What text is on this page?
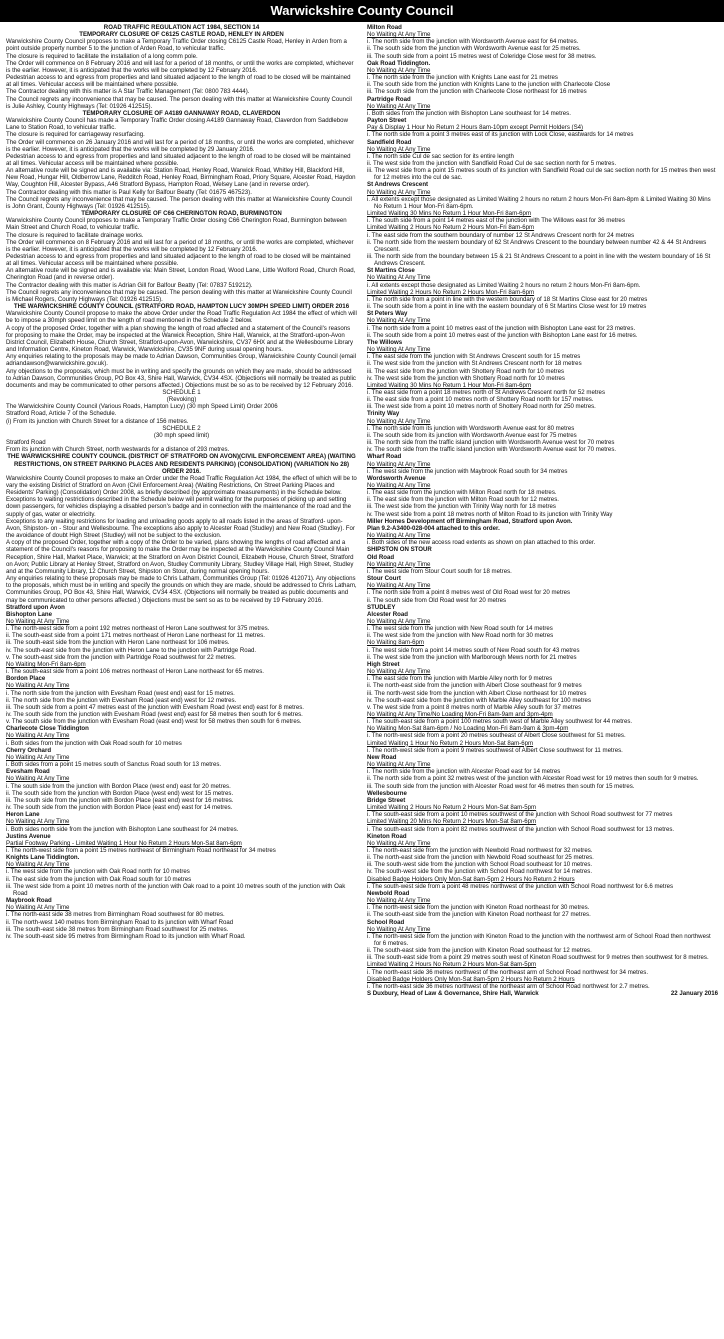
Warwickshire County Council

ROAD TRAFFIC REGULATION ACT 1984, SECTION 14

TEMPORARY CLOSURE OF C6125 CASTLE ROAD, HENLEY IN ARDEN

Warwickshire County Council proposes to make a Temporary Traffic Order closing C6125 Castle Road, Henley in Arden from a point outside property number 5 to the junction of Arden Road, to vehicular traffic.

The closure is required to facilitate the installation of a long comm pole.

The Order will commence on 8 February 2016 and will last for a period of 18 months, or until the works are completed, whichever is the earlier. However, it is anticipated that the works will be completed by 12 February 2016.

Pedestrian access to and egress from properties and land situated adjacent to the length of road to be closed will be maintained at all times. Vehicular access will be maintained where possible.

The Contractor dealing with this matter is A Star Traffic Management (Tel: 0800 783 4444).

The Council regrets any inconvenience that may be caused. The person dealing with this matter at Warwickshire County Council is Julie Ashley, County Highways (Tel: 01926 412515).

TEMPORARY CLOSURE OF A4189 GANNAWAY ROAD, CLAVERDON

Warwickshire County Council has made a Temporary Traffic Order closing A4189 Gannaway Road, Claverdon from Saddlebow Lane to Station Road, to vehicular traffic.

The closure is required for carriageway resurfacing.

The Order will commence on 26 January 2016 and will last for a period of 18 months, or until the works are completed, whichever is the earlier. However, it is anticipated that the works will be completed by 29 January 2016.

Pedestrian access to and egress from properties and land situated adjacent to the length of road to be closed will be maintained at all times. Vehicular access will be maintained where possible.

An alternative route will be signed and is available via: Station Road, Henley Road, Warwick Road, Whitley Hill, Blackford Hill, New Road, Hungar Hill, Oldberrow Lane, Redditch Road, Henley Road, Birmingham Road, Priory Square, Alcester Road, Haydon Way, Coughton Hill, Alcester Bypass, A46 Stratford Bypass, Hampton Road, Welsey Lane (and in reverse order).

The Contractor dealing with this matter is Paul Kelly for Balfour Beatty (Tel: 01675 467523).

The Council regrets any inconvenience that may be caused. The person dealing with this matter at Warwickshire County Council is John Grant, County Highways (Tel: 01926 412515).

TEMPORARY CLOSURE OF C66 CHERINGTON ROAD, BURMINGTON

Warwickshire County Council proposes to make a Temporary Traffic Order closing C66 Cherington Road, Burmington between Main Street and Church Road, to vehicular traffic.

The closure is required to facilitate drainage works.

The Order will commence on 8 February 2016 and will last for a period of 18 months, or until the works are completed, whichever is the earlier. However, it is anticipated that the works will be completed by 12 February 2016.

Pedestrian access to and egress from properties and land situated adjacent to the length of road to be closed will be maintained at all times. Vehicular access will be maintained where possible.

An alternative route will be signed and is available via: Main Street, London Road, Wood Lane, Little Wolford Road, Church Road, Cherington Road (and in reverse order).

The Contractor dealing with this matter is Adrian Gill for Balfour Beatty (Tel: 07837 519212).

The Council regrets any inconvenience that may be caused. The person dealing with this matter at Warwickshire County Council is Michael Rogers, County Highways (Tel: 01926 412515).

THE WARWICKSHIRE COUNTY COUNCIL (STRATFORD ROAD, HAMPTON LUCY 30MPH SPEED LIMIT) ORDER 2016

Warwickshire County Council propose to make the above Order under the Road Traffic Regulation Act 1984 the effect of which will be to impose a 30mph speed limit on the length of road mentioned in the Schedule 2 below.

A copy of the proposed Order, together with a plan showing the length of road affected and a statement of the Council's reasons for proposing to make the Order, may be inspected at the Warwick Reception, Shire Hall, Warwick, at the Stratford-upon-Avon District Council, Elizabeth House, Church Street, Stratford-upon-Avon, Warwickshire, CV37 6HX and at the Wellesbourne Library and Information Centre, Kineton Road, Warwick, Warwickshire, CV35 9NF during usual opening hours.

Any enquiries relating to the proposals may be made to Adrian Dawson, Communities Group, Warwickshire County Council (email adriandawson@warwickshire.gov.uk).

Any objections to the proposals, which must be in writing and specify the grounds on which they are made, should be addressed to Adrian Dawson, Communities Group, PO Box 43, Shire Hall, Warwick, CV34 4SX. (Objections will normally be treated as public documents and may be communicated to other persons affected.) Objections must be so as to be received by 12 February 2016.

SCHEDULE 1

(Revoking)

The Warwickshire County Council (Various Roads, Hampton Lucy) (30 mph Speed Limit) Order 2006

Stratford Road, Article 7 of the Schedule.

(i) From its junction with Church Street for a distance of 156 metres.

SCHEDULE 2

(30 mph speed limit)

Stratford Road

From its junction with Church Street, north westwards for a distance of 293 metres.

THE WARWICKSHIRE COUNTY COUNCIL (DISTRICT OF STRATFORD ON AVON)(CIVIL ENFORCEMENT AREA) (WAITING RESTRICTIONS, ON STREET PARKING PLACES AND RESIDENTS PARKING) (CONSOLIDATION) (VARIATION No 28) ORDER 2016.

Warwickshire County Council proposes to make an Order under the Road Traffic Regulation Act 1984, the effect of which will be to vary the existing District of Stratford on Avon (Civil Enforcement Area) (Waiting Restrictions, On Street Parking Places and Residents' Parking) (Consolidation) Order 2008, as briefly described (by approximate measurements) in the Schedule below.

Exceptions to waiting restrictions described in the Schedule below will permit waiting for the purposes of picking up and setting down passengers, for vehicles displaying a disabled person's badge and in connection with the maintenance of the road and the supply of gas, water or electricity.

Exceptions to any waiting restrictions for loading and unloading goods apply to all roads listed in the areas of Stratford- upon- Avon, Shipston- on - Stour and Wellesbourne. The exceptions also apply to Alcester Road (Studley) and New Road (Studley). For the avoidance of doubt High Street (Studley) will not be subject to the exclusion.

A copy of the proposed Order, together with a copy of the Order to be varied, plans showing the lengths of road affected and a statement of the Council's reasons for proposing to make the Order may be inspected at the Warwickshire County Council Main Reception, Shire Hall, Market Place, Warwick; at the Stratford on Avon District Council, Elizabeth House, Church Street, Stratford on Avon; Public Library at Henley Street, Stratford on Avon, Studley Community Library, Studley Village Hall, High Street, Studley and at the Community Library, 12 Church Street, Shipston on Stour, during normal opening hours.

Any enquiries relating to these proposals may be made to Chris Latham, Communities Group (Tel: 01926 412071). Any objections to the proposals, which must be in writing and specify the grounds on which they are made, should be addressed to Chris Latham, Communities Group, PO Box 43, Shire Hall, Warwick, CV34 4SX. (Objections will normally be treated as public documents and may be communicated to other persons affected.) Objections must be sent so as to be received by 19 February 2016.

Stratford upon Avon

Bishopton Lane

No Waiting At Any Time

i. The north-west side from a point 192 metres northeast of Heron Lane southwest for 375 metres.

ii. The south-east side from a point 171 metres northeast of Heron Lane northeast for 11 metres.

iii. The south-east side from the junction with Heron Lane northeast for 106 metres.

iv. The south-east side from the junction with Heron Lane to the junction with Partridge Road.

v. The south-east side from the junction with Partridge Road southwest for 22 metres.

No Waiting Mon-Fri 8am-6pm

i. The south-east side from a point 106 metres northeast of Heron Lane northeast for 65 metres.

Bordon Place

No Waiting At Any Time

i. The north side from the junction with Evesham Road (west end) east for 15 metres.

ii. The north side from the junction with Evesham Road (east end) west for 12 metres.

iii. The south side from a point 47 metres east of the junction with Evesham Road (west end) east for 8 metres.

iv. The south side from the junction with Evesham Road (west end) east for 58 metres then south for 6 metres.

v. The south side from the junction with Evesham Road (east end) west for 58 metres then south for 6 metres.

Charlecote Close Tiddington

No Waiting At Any Time

i. Both sides from the junction with Oak Road south for 10 metres

Cherry Orchard

No Waiting At Any Time

i. Both sides from a point 15 metres south of Sanctus Road south for 13 metres.

Evesham Road

No Waiting At Any Time

i. The south side from the junction with Bordon Place (west end) east for 20 metres.

ii. The south side from the junction with Bordon Place (west end) west for 15 metres.

iii. The south side from the junction with Bordon Place (east end) west for 16 metres.

iv. The south side from the junction with Bordon Place (east end) east for 14 metres.

Heron Lane

No Waiting At Any Time

i. Both sides north side from the junction with Bishopton Lane southeast for 24 metres.

Justins Avenue

Partial Footway Parking - Limited Waiting 1 Hour No Return 2 Hours Mon-Sat 8am-6pm

i. The north-west side from a point 15 metres northeast of Birmingham Road northeast for 34 metres

Knights Lane Tiddington.

No Waiting At Any Time

i. The west side from the junction with Oak Road north for 10 metres

ii. The east side from the junction with Oak Road south for 10 metres

iii. The west side from a point 10 metres north of the junction with Oak road to a point 10 metres south of the junction with Oak Road

Maybrook Road

No Waiting At Any Time

i. The north-east side 38 metres from Birmingham Road southwest for 80 metres.

ii. The north-west 140 metres from Birmingham Road to its junction with Wharf Road

iii. The south-east side 38 metres from Birmingham Road southwest for 25 metres.

iv. The south-east side 95 metres from Birmingham Road to its junction with Wharf Road.

Milton Road

No Waiting At Any Time

i. The north side from the junction with Wordsworth Avenue east for 64 metres.

ii. The south side from the junction with Wordsworth Avenue east for 25 metres.

iii. The south side from a point 15 metres west of Coleridge Close west for 38 metres.

Oak Road Tiddington.

No Waiting At Any Time

i. The north side from the junction with Knights Lane east for 21 metres

ii. The south side from the junction with Knights Lane to the junction with Charlecote Close

iii. The south side from the junction with Charlecote Close northeast for 16 metres

Partridge Road

No Waiting At Any Time

i. Both sides from the junction with Bishopton Lane southeast for 14 metres.

Payton Street

Pay & Display 1 Hour No Return 2 Hours 8am-10pm except Permit Holders (S4)

i. The north side from a point 3 metres east of its junction with Lock Close, eastwards for 14 metres

Sandfield Road

No Waiting At Any Time

i. The north side Cul de sac section for its entire length

ii. The west side from the junction with Sandfield Road Cul de sac section north for 5 metres.

iii. The west side from a point 15 metres south of its junction with Sandfield Road cul de sac section north for 15 metres then west for 12 metres into the cul de sac.

St Andrews Crescent

No Waiting At Any Time

i. All extents except those designated as Limited Waiting 2 hours no return 2 hours Mon-Fri 8am-8pm & Limited Waiting 30 Mins No Return 1 Hour Mon-Fri 8am-6pm.

Limited Waiting 30 Mins No Return 1 Hour Mon-Fri 8am-6pm

i. The south side from a point 14 metres east of the junction with The Willows east for 36 metres

Limited Waiting 2 Hours No Return 2 Hours Mon-Fri 8am-6pm

i. The east side from the southern boundary of number 12 St Andrews Crescent north for 24 metres

ii. The north side from the western boundary of 62 St Andrews Crescent to the boundary between number 42 & 44 St Andrews Crescent.

iii. The north side from the boundary between 15 & 21 St Andrews Crescent to a point in line with the western boundary of 16 St Andrews Crescent.

St Martins Close

No Waiting At Any Time

i. All extents except those designated as Limited Waiting 2 hours no return 2 hours Mon-Fri 8am-6pm.

Limited Waiting 2 Hours No Return 2 Hours Mon-Fri 8am-6pm

i. The north side from a point in line with the western boundary of 18 St Martins Close east for 20 metres

ii. The south side from a point in line with the eastern boundary of 6 St Martins Close west for 19 metres

St Peters Way

No Waiting At Any Time

i. The north side from a point 10 metres east of the junction with Bishopton Lane east for 23 metres.

ii. The south side from a point 10 metres east of the junction with Bishopton Lane east for 16 metres.

The Willows

No Waiting At Any Time

i. The east side from the junction with St Andrews Crescent south for 15 metres

ii. The west side from the junction with St Andrews Crescent north for 18 metres

iii. The east side from the junction with Shottery Road north for 10 metres

iv. The west side from the junction with Shottery Road north for 10 metres

Limited Waiting 30 Mins No Return 1 Hour Mon-Fri 8am-6pm

i. The east side from a point 18 metres north of St Andrews Crescent north for 52 metres

ii. The east side from a point 10 metres north of Shottery Road north for 157 metres.

iii. The west side from a point 10 metres north of Shottery Road north for 250 metres.

Trinity Way

No Waiting At Any Time

i. The north side from its junction with Wordsworth Avenue east for 80 metres

ii. The south side from its junction with Wordsworth Avenue east for 75 metres

iii. The north side from the traffic island junction with Wordsworth Avenue west for 70 metres

iv. The south side from the traffic island junction with Wordsworth Avenue east for 70 metres.

Wharf Road

No Waiting At Any Time

i. The west side from the junction with Maybrook Road south for 34 metres

Wordsworth Avenue

No Waiting At Any Time

i. The east side from the junction with Milton Road north for 18 metres.

ii. The east side from the junction with Milton Road south for 12 metres.

iii. The west side from the junction with Trinity Way north for 18 metres

iv. The west side from a point 18 metres north of Milton Road to its junction with Trinity Way

Miller Homes Development off Birmingham Road, Stratford upon Avon.

Plan 9.2-A3400-028-004 attached to this order.

No Waiting At Any Time

i. Both sides of the new access road extents as shown on plan attached to this order.

SHIPSTON ON STOUR

Old Road

No Waiting At Any Time

i. The west side from Stour Court south for 18 metres.

Stour Court

No Waiting At Any Time

i. The north side from a point 8 metres west of Old Road west for 20 metres

ii. The south side from Old Road west for 20 metres

STUDLEY

Alcester Road

No Waiting At Any Time

i. The west side from the junction with New Road south for 14 metres

ii. The west side from the junction with New Road north for 30 metres

No Waiting 8am-6pm

i. The west side from a point 14 metres south of New Road south for 43 metres

ii. The west side from the junction with Marlborough Mews north for 21 metres

High Street

No Waiting At Any Time

i. The east side from the junction with Marble Alley north for 9 metres

ii. The north-east side from the junction with Albert Close southeast for 9 metres

iii. The north-west side from the junction with Albert Close northeast for 10 metres

iv. The south-east side from the junction with Marble Alley southeast for 100 metres

v. The west side from a point 8 metres north of Marble Alley south for 37 metres

No Waiting At Any Time/No Loading Mon-Fri 8am-9am and 3pm-4pm

i. The south-east side from a point 100 metres south west of Marble Alley southwest for 44 metres.

No Waiting Mon-Sat 8am-6pm / No Loading Mon-Fri 8am-9am & 3pm-4pm

i. The north-west side from a point 20 metres southeast of Albert Close southwest for 51 metres.

Limited Waiting 1 Hour No Return 2 Hours Mon-Sat 8am-6pm

i. The north-west side from a point 9 metres southwest of Albert Close southwest for 11 metres.

New Road

No Waiting At Any Time

i. The north side from the junction with Alcester Road east for 14 metres

ii. The north side from a point 32 metres west of the junction with Alcester Road west for 19 metres then south for 9 metres.

iii. The south side from the junction with Alcester Road west for 46 metres then south for 15 metres.

Wellesbourne

Bridge Street

Limited Waiting 2 Hours No Return 2 Hours Mon-Sat 8am-5pm

i. The south-east side from a point 10 metres southwest of the junction with School Road southwest for 77 metres

Limited Waiting 20 Mins No Return 2 Hours Mon-Sat 8am-6pm

i. The south-east side from a point 82 metres southwest of the junction with School Road southwest for 13 metres.

Kineton Road

No Waiting At Any Time

i. The north-east side from the junction with Newbold Road northwest for 32 metres.

ii. The north-east side from the junction with Newbold Road southeast for 25 metres.

iii. The south-west side from the junction with School Road southeast for 10 metres.

iv. The south-west side from the junction with School Road northwest for 14 metres.

Disabled Badge Holders Only Mon-Sat 8am-5pm 2 Hours No Return 2 Hours

i. The south-west side from a point 48 metres northwest of the junction with School Road northwest for 6.6 metres

Newbold Road

No Waiting At Any Time

i. The north-west side from the junction with Kineton Road northeast for 30 metres.

ii. The south-east side from the junction with Kineton Road northeast for 27 metres.

School Road

No Waiting At Any Time

i. The north-west side from the junction with Kineton Road to the junction with the northwest arm of School Road then northwest for 6 metres.

ii. The south-east side from the junction with Kineton Road southeast for 12 metres.

iii. The south-east side from a point 29 metres south west of Kineton Road southwest for 9 metres then southwest for 8 metres.

Limited Waiting 2 Hours No Return 2 Hours Mon-Sat 8am-5pm

i. The north-east side 36 metres northwest of the northeast arm of School Road northwest for 34 metres.

Disabled Badge Holders Only Mon-Sat 8am-5pm 2 Hours No Return 2 Hours

i. The north-east side 36 metres northwest of the northeast arm of School Road northwest for 2.7 metres.

S Duxbury, Head of Law & Governance, Shire Hall, Warwick	22 January 2016
